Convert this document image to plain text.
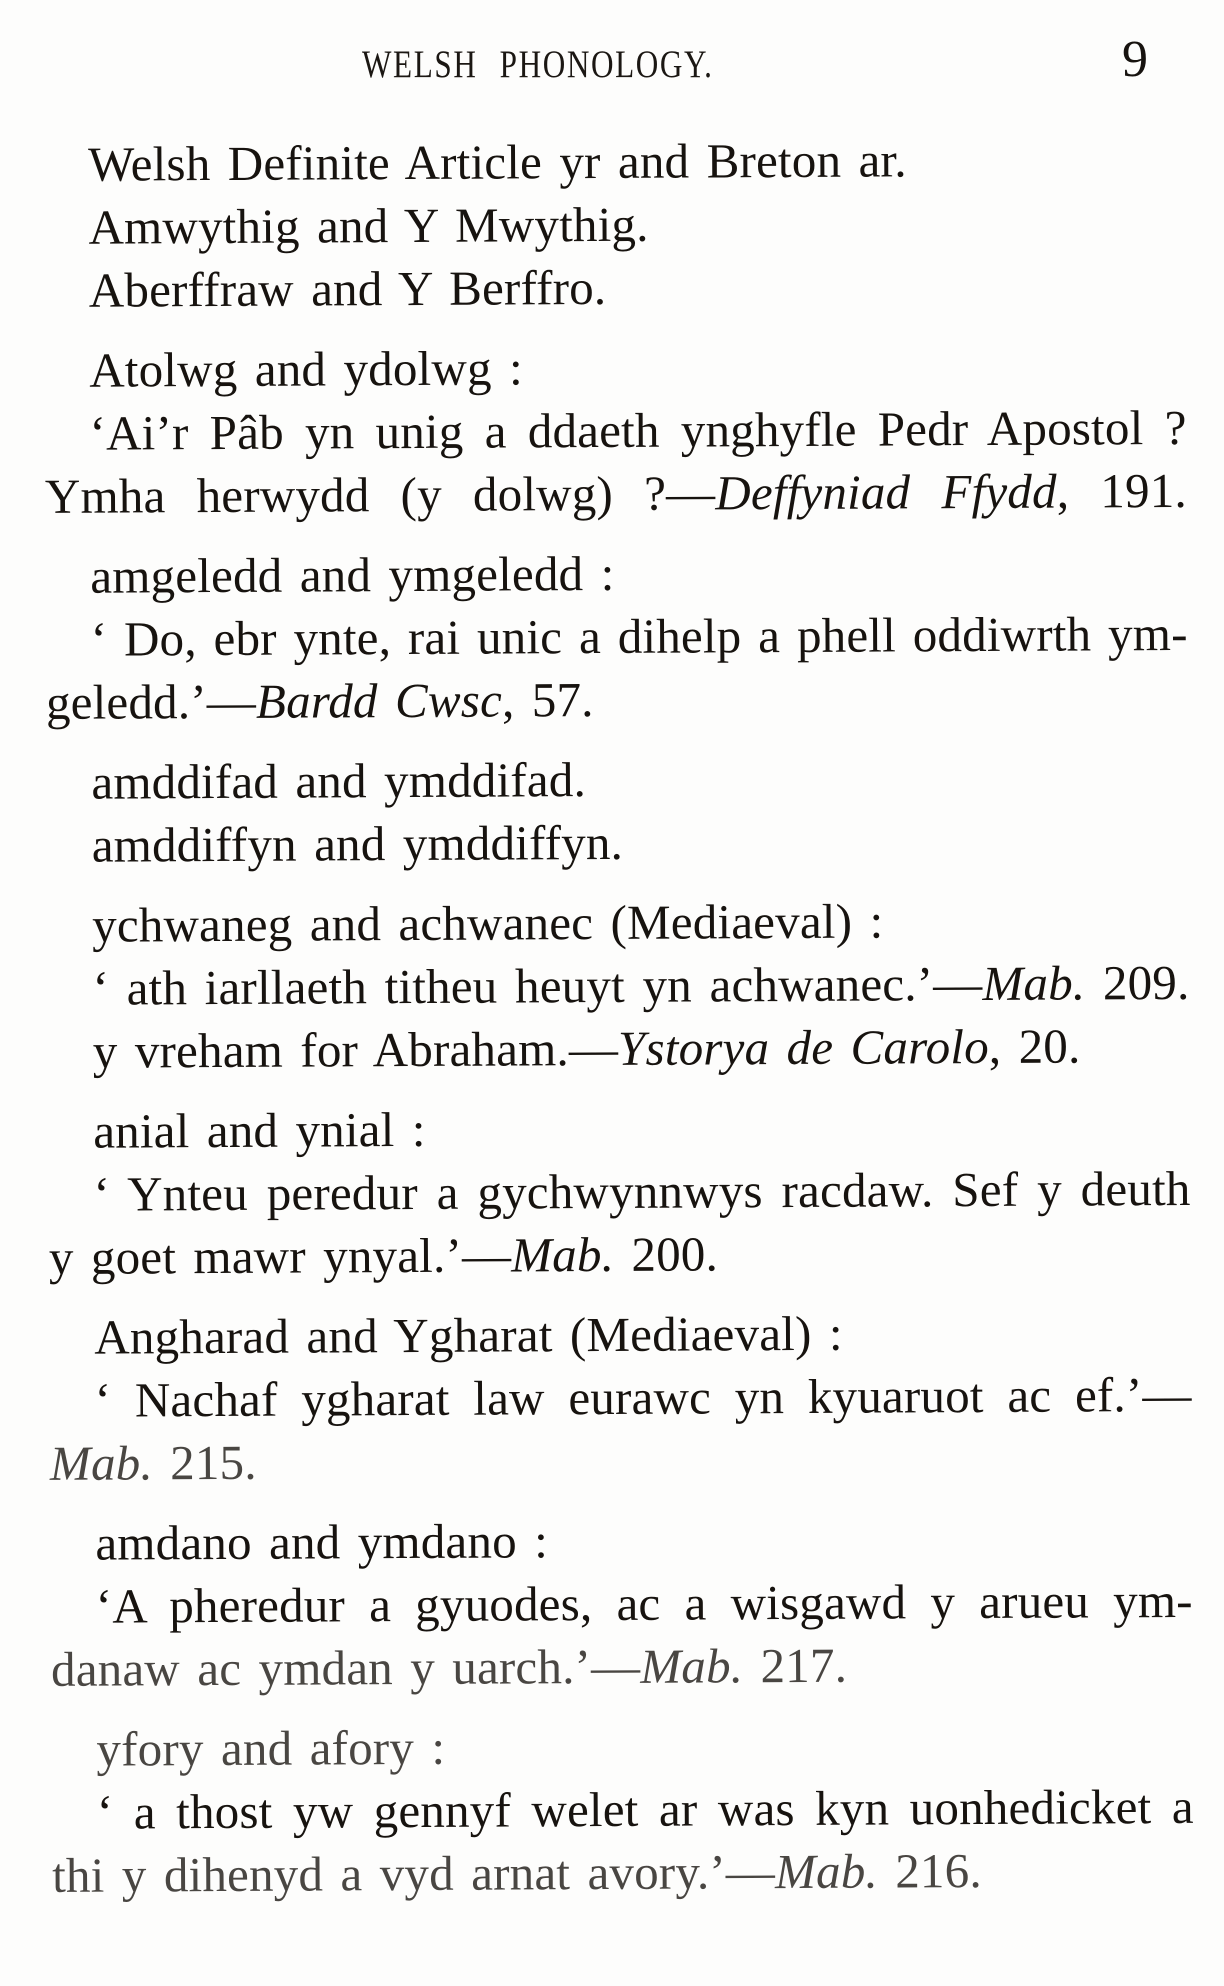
WELSH PHONOLOGY.	9
Welsh Definite Article yr and Breton ar.
Amwythig and Y Mwythig.
Aberffraw and Y Berffro.
Atolwg and ydolwg :
‘Ai’r Pâb yn unig a ddaeth ynghyfle Pedr Apostol ?
Ymha herwydd (y dolwg) ?—Deffyniad Ffydd, 191.
amgeledd and ymgeledd :
‘ Do, ebr ynte, rai unic a dihelp a phell oddiwrth ym-
geledd.’—Bardd Cwsc, 57.
amddifad and ymddifad.
amddiffyn and ymddiffyn.
ychwaneg and achwanec (Mediaeval) :
‘ ath iarllaeth titheu heuyt yn achwanec.’—Mab. 209.
y vreham for Abraham.—Ystorya de Carolo, 20.
anial and ynial :
‘ Ynteu peredur a gychwynnwys racdaw. Sef y deuth
y goet mawr ynyal.’—Mab. 200.
Angharad and Ygharat (Mediaeval) :
‘ Nachaf ygharat law eurawc yn kyuaruot ac ef.’—
Mab. 215.
amdano and ymdano :
‘A pheredur a gyuodes, ac a wisgawd y arueu ym-
danaw ac ymdan y uarch.’—Mab. 217.
yfory and afory :
‘ a thost yw gennyf welet ar was kyn uonhedicket a
thi y dihenyd a vyd arnat avory.’—Mab. 216.
